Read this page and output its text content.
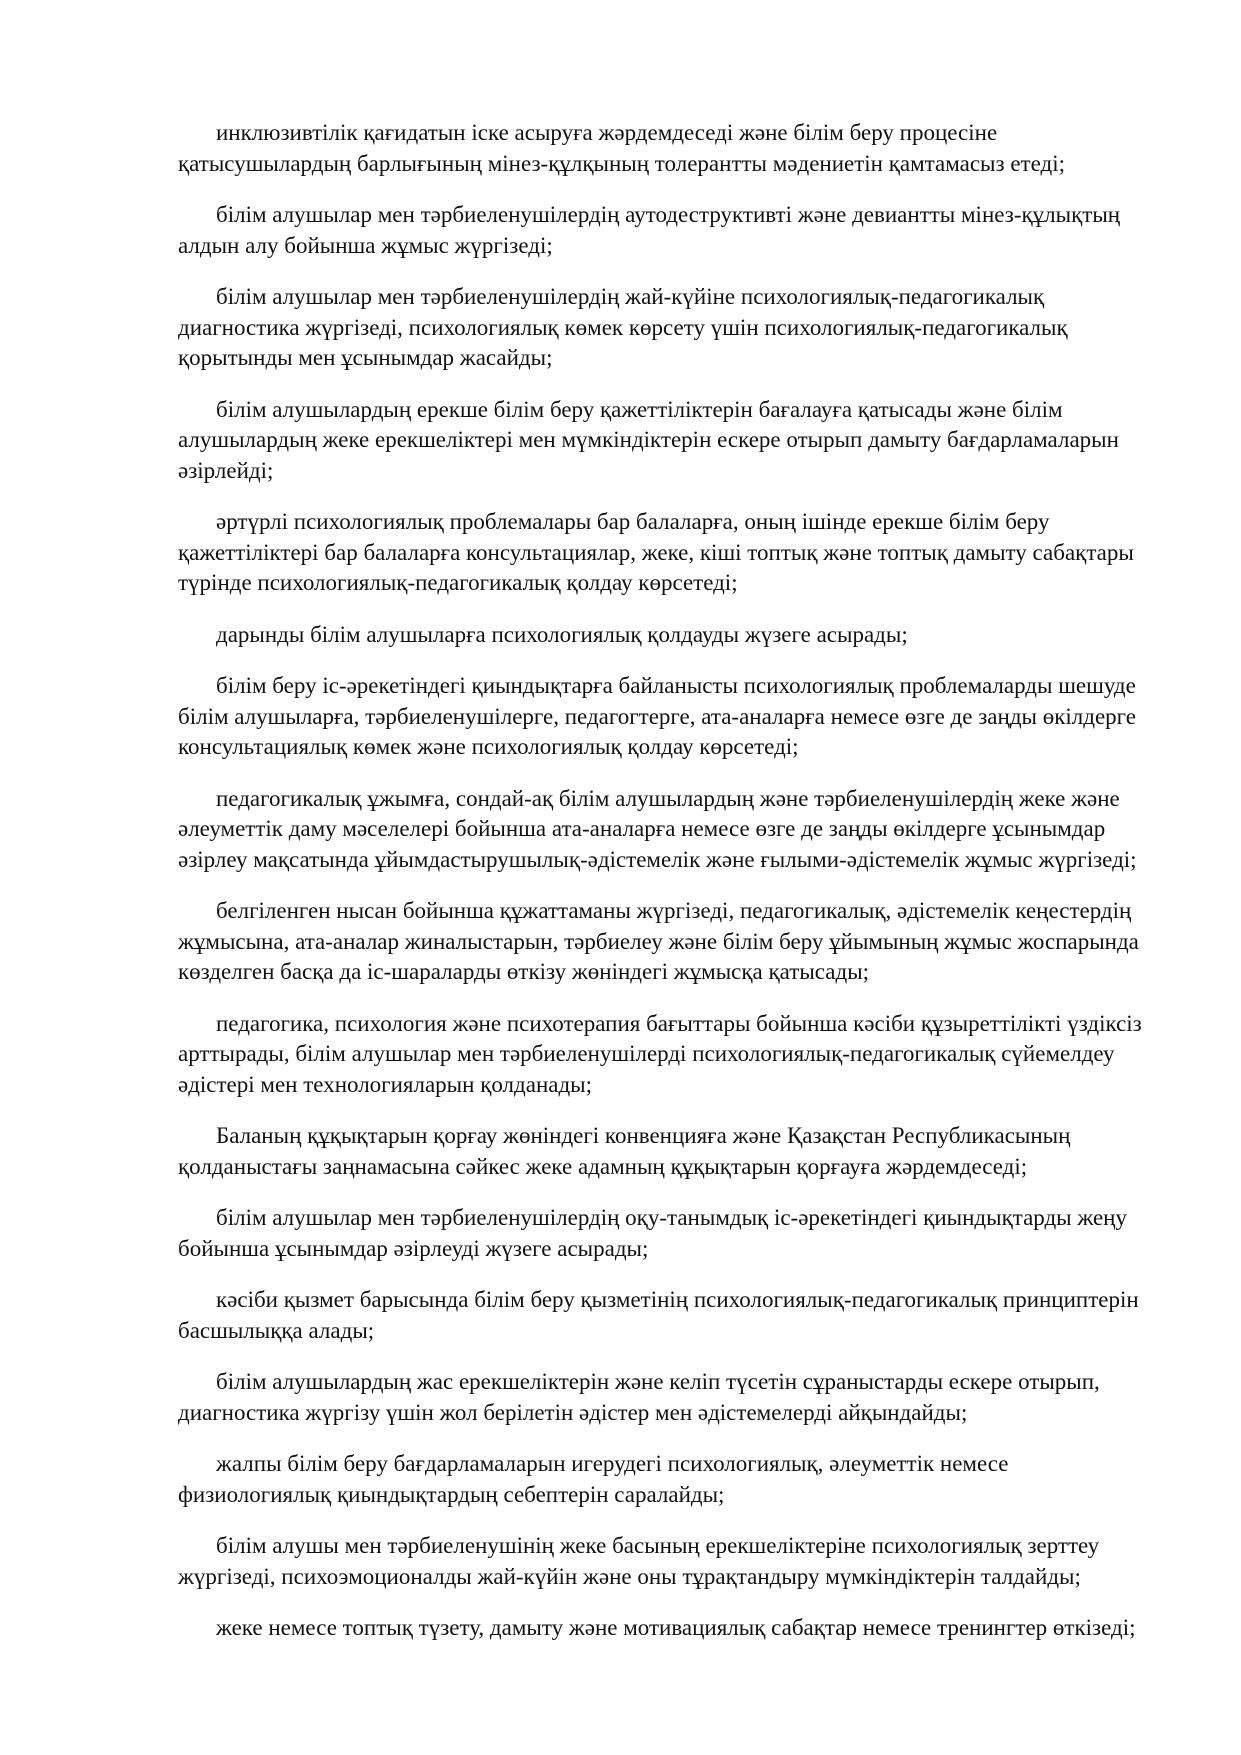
инклюзивтілік қағидатын іске асыруға жәрдемдеседі және білім беру процесіне қатысушылардың барлығының мінез-құлқының толерантты мәдениетін қамтамасыз етеді;

білім алушылар мен тәрбиеленушілердің аутодеструктивті және девиантты мінез-құлықтың алдын алу бойынша жұмыс жүргізеді;

білім алушылар мен тәрбиеленушілердің жай-күйіне психологиялық-педагогикалық диагностика жүргізеді, психологиялық көмек көрсету үшін психологиялық-педагогикалық қорытынды мен ұсынымдар жасайды;

білім алушылардың ерекше білім беру қажеттіліктерін бағалауға қатысады және білім алушылардың жеке ерекшеліктері мен мүмкіндіктерін ескере отырып дамыту бағдарламаларын әзірлейді;

әртүрлі психологиялық проблемалары бар балаларға, оның ішінде ерекше білім беру қажеттіліктері бар балаларға консультациялар, жеке, кіші топтық және топтық дамыту сабақтары түрінде психологиялық-педагогикалық қолдау көрсетеді;

дарынды білім алушыларға психологиялық қолдауды жүзеге асырады;

білім беру іс-әрекетіндегі қиындықтарға байланысты психологиялық проблемаларды шешуде білім алушыларға, тәрбиеленушілерге, педагогтерге, ата-аналарға немесе өзге де заңды өкілдерге консультациялық көмек және психологиялық қолдау көрсетеді;

педагогикалық ұжымға, сондай-ақ білім алушылардың және тәрбиеленушілердің жеке және әлеуметтік даму мәселелері бойынша ата-аналарға немесе өзге де заңды өкілдерге ұсынымдар әзірлеу мақсатында ұйымдастырушылық-әдістемелік және ғылыми-әдістемелік жұмыс жүргізеді;

белгіленген нысан бойынша құжаттаманы жүргізеді, педагогикалық, әдістемелік кеңестердің жұмысына, ата-аналар жиналыстарын, тәрбиелеу және білім беру ұйымының жұмыс жоспарында көзделген басқа да іс-шараларды өткізу жөніндегі жұмысқа қатысады;

педагогика, психология және психотерапия бағыттары бойынша кәсіби құзыреттілікті үздіксіз арттырады, білім алушылар мен тәрбиеленушілерді психологиялық-педагогикалық сүйемелдеу әдістері мен технологияларын қолданады;

Баланың құқықтарын қорғау жөніндегі конвенцияға және Қазақстан Республикасының қолданыстағы заңнамасына сәйкес жеке адамның құқықтарын қорғауға жәрдемдеседі;

білім алушылар мен тәрбиеленушілердің оқу-танымдық іс-әрекетіндегі қиындықтарды жеңу бойынша ұсынымдар әзірлеуді жүзеге асырады;

кәсіби қызмет барысында білім беру қызметінің психологиялық-педагогикалық принциптерін басшылыққа алады;

білім алушылардың жас ерекшеліктерін және келіп түсетін сұраныстарды ескере отырып, диагностика жүргізу үшін жол берілетін әдістер мен әдістемелерді айқындайды;

жалпы білім беру бағдарламаларын игерудегі психологиялық, әлеуметтік немесе физиологиялық қиындықтардың себептерін саралайды;

білім алушы мен тәрбиеленушінің жеке басының ерекшеліктеріне психологиялық зерттеу жүргізеді, психоэмоционалды жай-күйін және оны тұрақтандыру мүмкіндіктерін талдайды;

жеке немесе топтық түзету, дамыту және мотивациялық сабақтар немесе тренингтер өткізеді;
